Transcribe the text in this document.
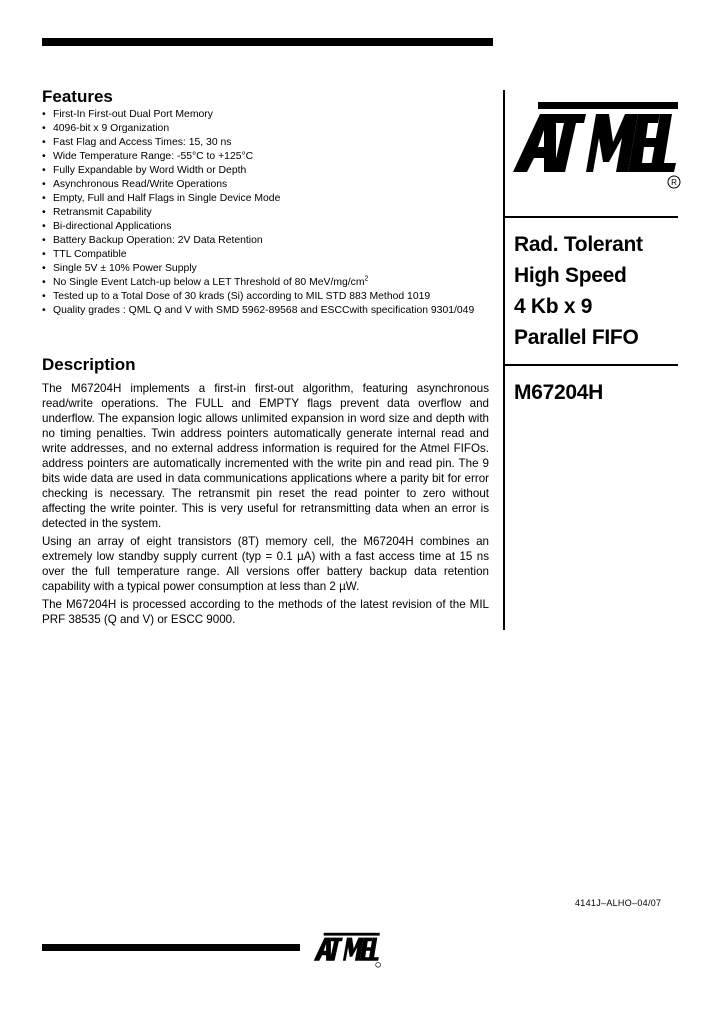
Features
• First-In First-out Dual Port Memory
• 4096-bit x 9 Organization
• Fast Flag and Access Times: 15, 30 ns
• Wide Temperature Range: -55°C to +125°C
• Fully Expandable by Word Width or Depth
• Asynchronous Read/Write Operations
• Empty, Full and Half Flags in Single Device Mode
• Retransmit Capability
• Bi-directional Applications
• Battery Backup Operation: 2V Data Retention
• TTL Compatible
• Single 5V ± 10% Power Supply
• No Single Event Latch-up below a LET Threshold of 80 MeV/$mg/cm^2$
• Tested up to a Total Dose of 30 krads (Si) according to MIL STD 883 Method 1019
• Quality grades : QML Q and V with SMD 5962-89568 and ESCCwith specification 9301/049
Description

The M67204H implements a first-in first-out algorithm, featuring asynchronous read/write operations. The FULL and EMPTY flags prevent data overflow and underflow. The expansion logic allows unlimited expansion in word size and depth with no timing penalties. Twin address pointers automatically generate internal read and write addresses, and no external address information is required for the Atmel FIFOs. address pointers are automatically incremented with the write pin and read pin. The 9 bits wide data are used in data communications applications where a parity bit for error checking is necessary. The retransmit pin reset the read pointer to zero without affecting the write pointer. This is very useful for retransmitting data when an error is detected in the system.

Using an array of eight transistors (8T) memory cell, the M67204H combines an extremely low standby supply current (typ = 0.1 µA) with a fast access time at 15 ns over the full temperature range. All versions offer battery backup data retention capability with a typical power consumption at less than 2 µW.

The M67204H is processed according to the methods of the latest revision of the MIL PRF 38535 (Q and V) or ESCC 9000.

R
Rad. Tolerant
High Speed
4 Kb x 9
Parallel FIFO
M67204H
4141J–ALHO–04/07
